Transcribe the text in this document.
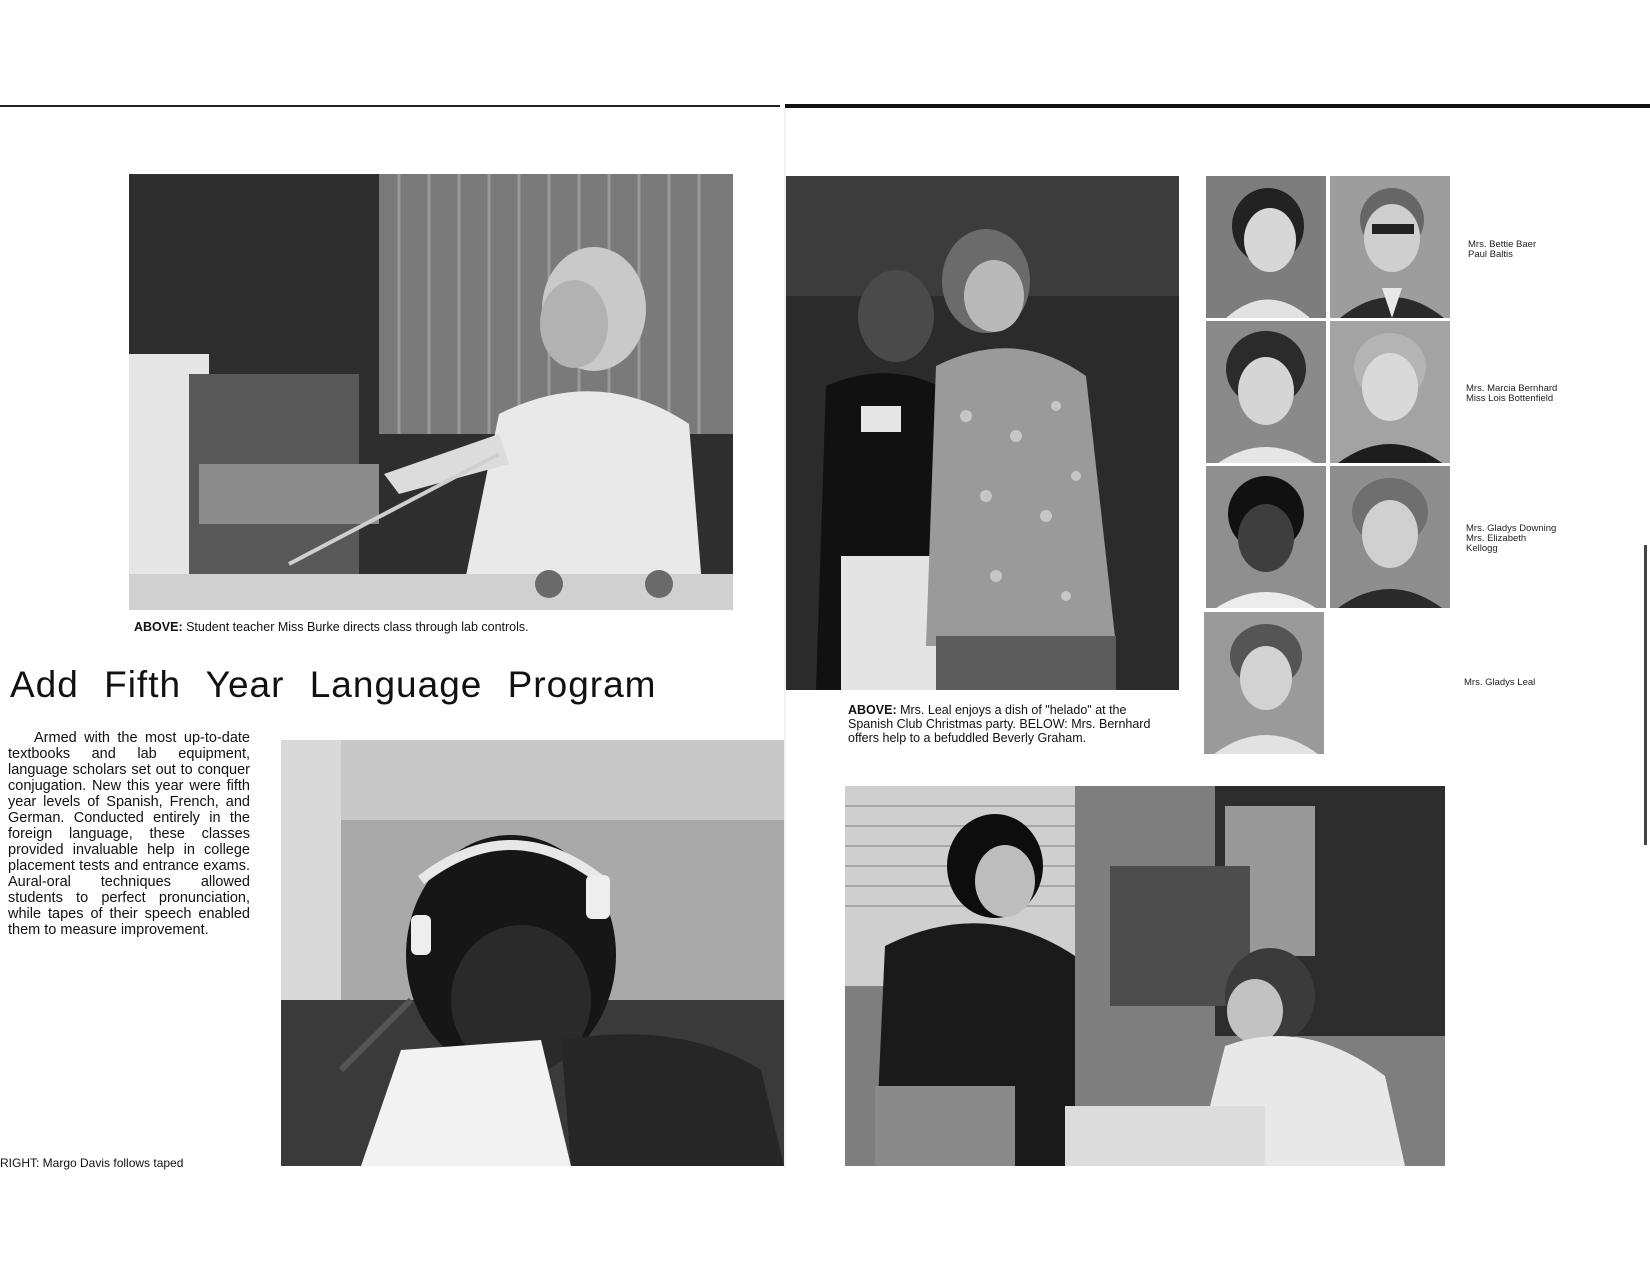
ABOVE: Student teacher Miss Burke directs class through lab controls.
Add Fifth Year Language Program
Armed with the most up-to-date textbooks and lab equipment, language scholars set out to conquer conjugation. New this year were fifth year levels of Spanish, French, and German. Conducted entirely in the foreign language, these classes provided invaluable help in college placement tests and entrance exams. Aural-oral techniques allowed students to perfect pronunciation, while tapes of their speech enabled them to measure improvement.
RIGHT: Margo Davis follows taped
ABOVE: Mrs. Leal enjoys a dish of "helado" at the Spanish Club Christmas party. BELOW: Mrs. Bernhard offers help to a befuddled Beverly Graham.
Mrs. Bettie Baer
Paul Baltis
Mrs. Marcia Bernhard
Miss Lois Bottenfield
Mrs. Gladys Downing
Mrs. Elizabeth
Kellogg
Mrs. Gladys Leal
